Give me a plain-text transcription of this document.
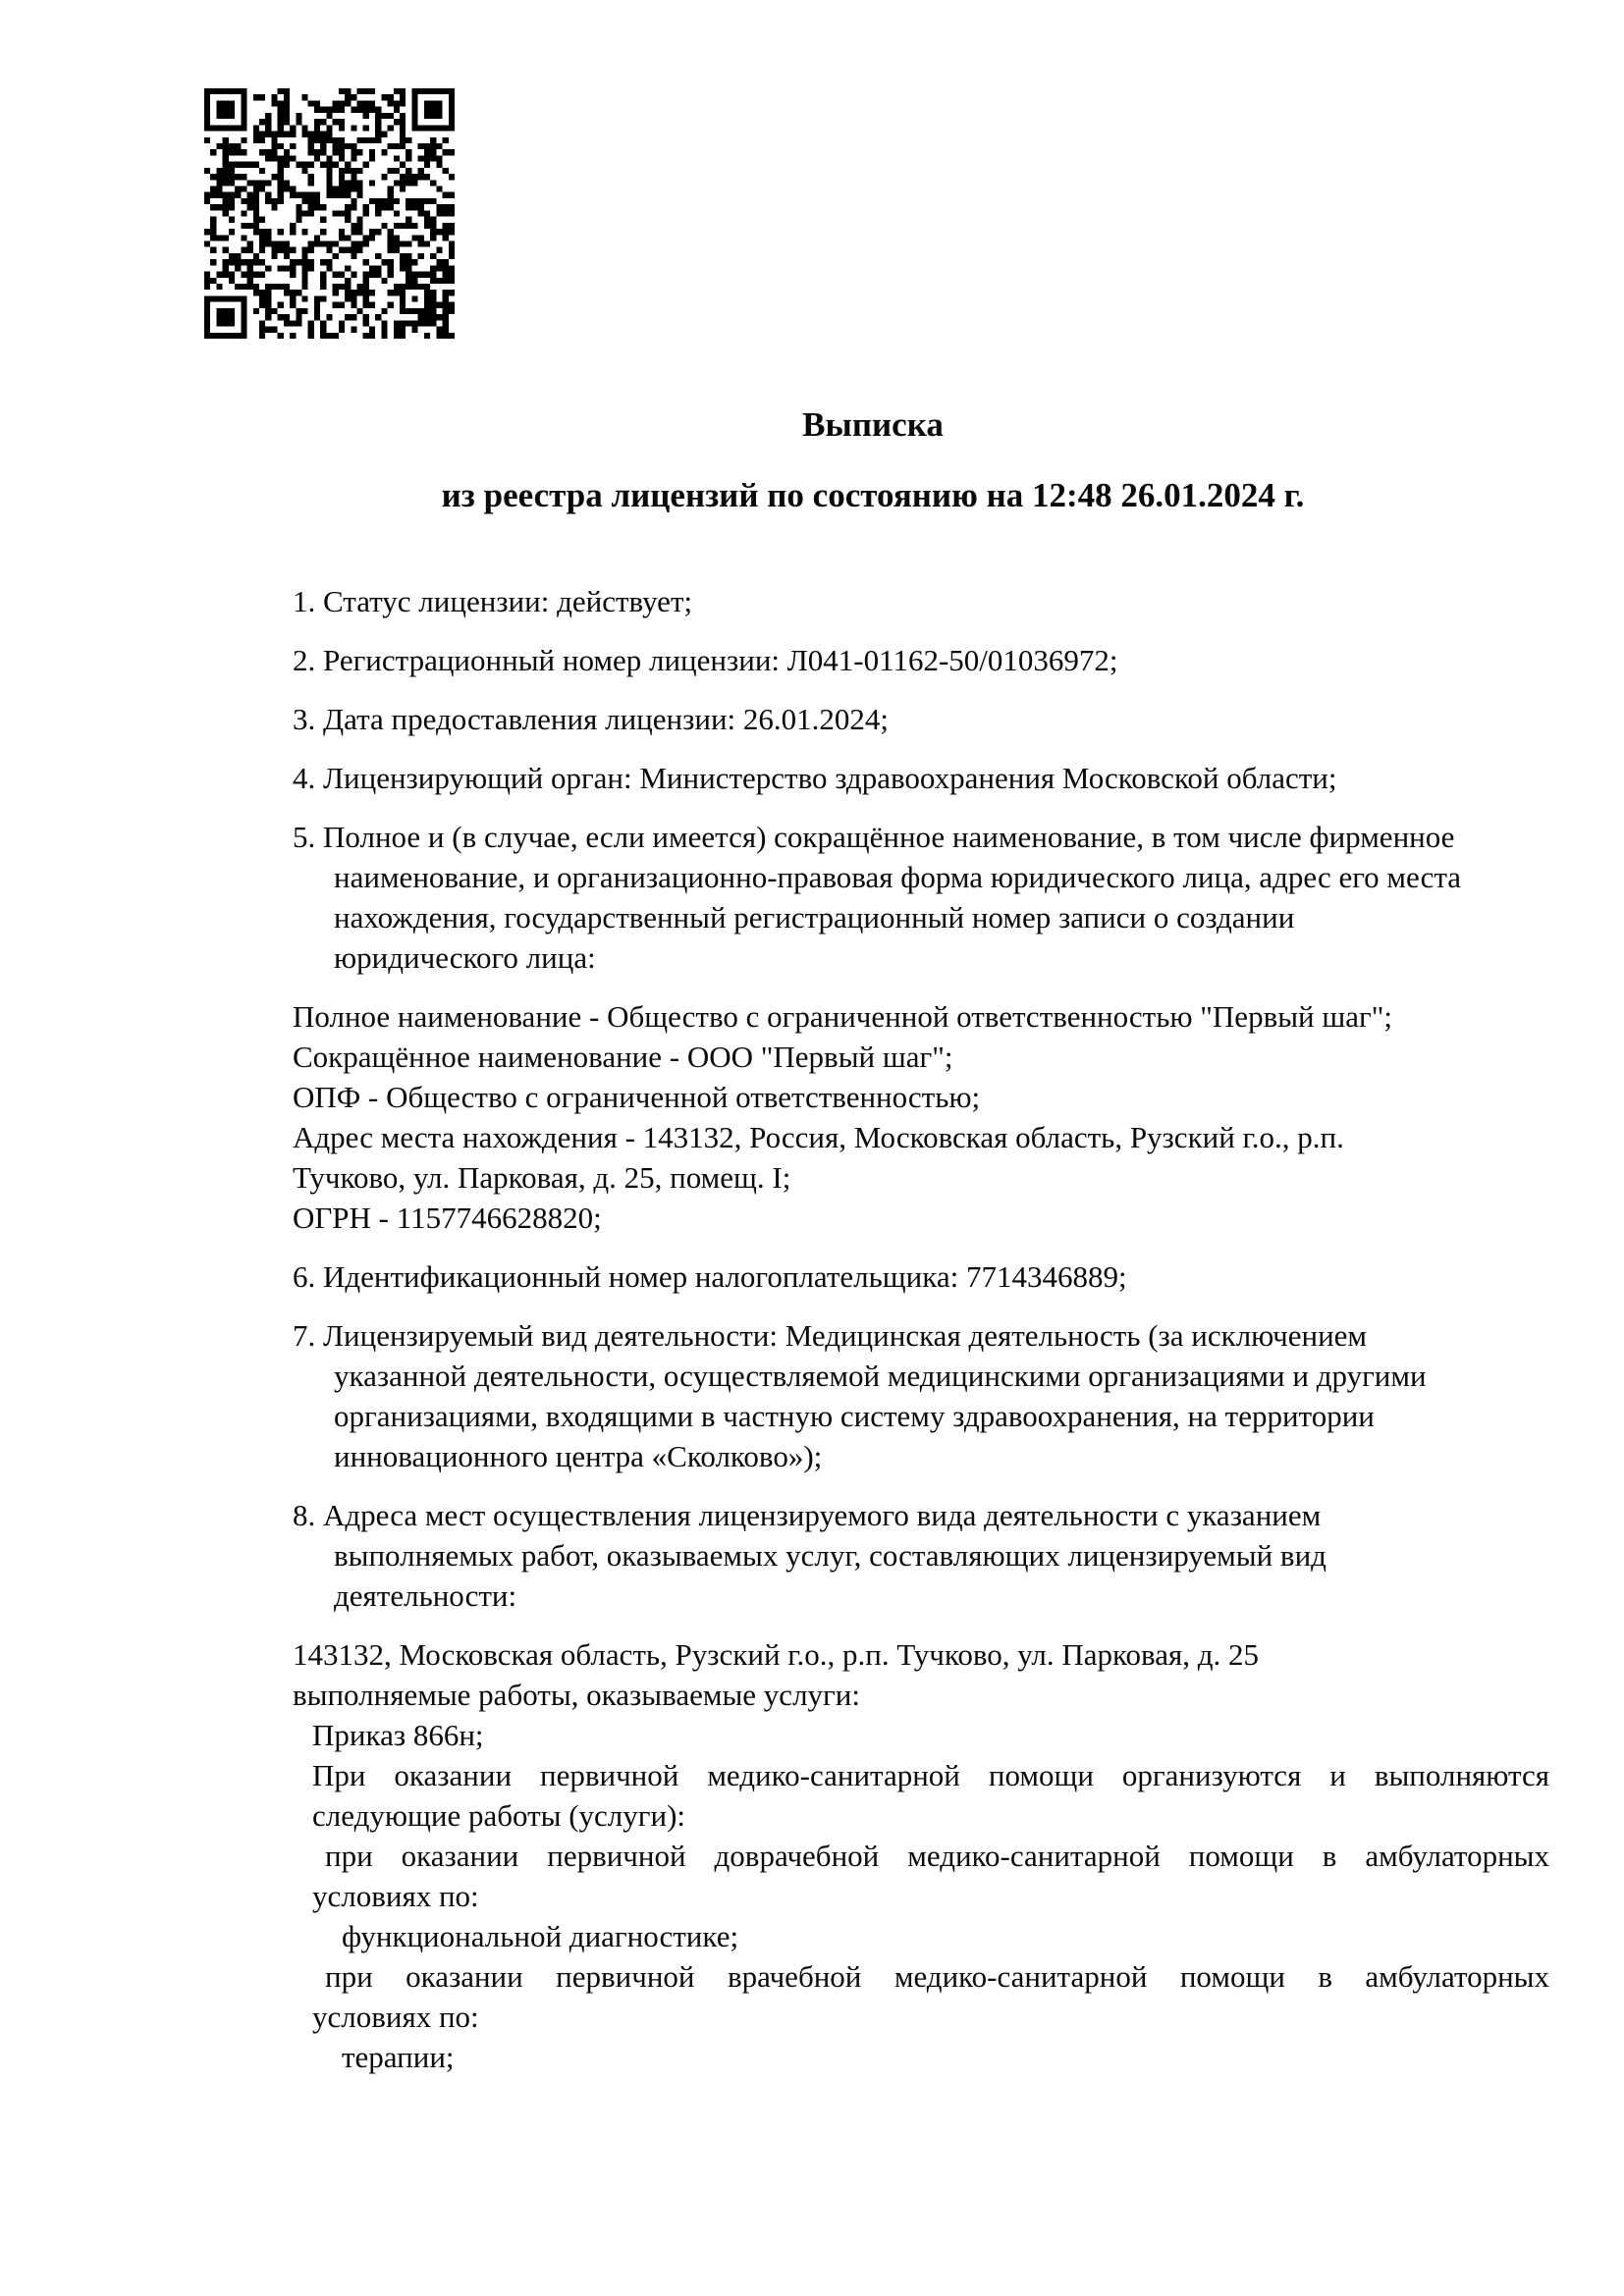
Выписка
из реестра лицензий по состоянию на 12:48 26.01.2024 г.
1. Статус лицензии: действует;
2. Регистрационный номер лицензии: Л041-01162-50/01036972;
3. Дата предоставления лицензии: 26.01.2024;
4. Лицензирующий орган: Министерство здравоохранения Московской области;
5. Полное и (в случае, если имеется) сокращённое наименование, в том числе фирменное
наименование, и организационно-правовая форма юридического лица, адрес его места
нахождения, государственный регистрационный номер записи о создании
юридического лица:
Полное наименование - Общество с ограниченной ответственностью "Первый шаг";
Сокращённое наименование - ООО "Первый шаг";
ОПФ - Общество с ограниченной ответственностью;
Адрес места нахождения - 143132, Россия, Московская область, Рузский г.о., р.п.
Тучково, ул. Парковая, д. 25, помещ. I;
ОГРН - 1157746628820;
6. Идентификационный номер налогоплательщика: 7714346889;
7. Лицензируемый вид деятельности: Медицинская деятельность (за исключением
указанной деятельности, осуществляемой медицинскими организациями и другими
организациями, входящими в частную систему здравоохранения, на территории
инновационного центра «Сколково»);
8. Адреса мест осуществления лицензируемого вида деятельности с указанием
выполняемых работ, оказываемых услуг, составляющих лицензируемый вид
деятельности:
143132, Московская область, Рузский г.о., р.п. Тучково, ул. Парковая, д. 25
выполняемые работы, оказываемые услуги:
Приказ 866н;
При оказании первичной медико-санитарной помощи организуются и выполняются
следующие работы (услуги):
при оказании первичной доврачебной медико-санитарной помощи в амбулаторных
условиях по:
функциональной диагностике;
при оказании первичной врачебной медико-санитарной помощи в амбулаторных
условиях по:
терапии;
